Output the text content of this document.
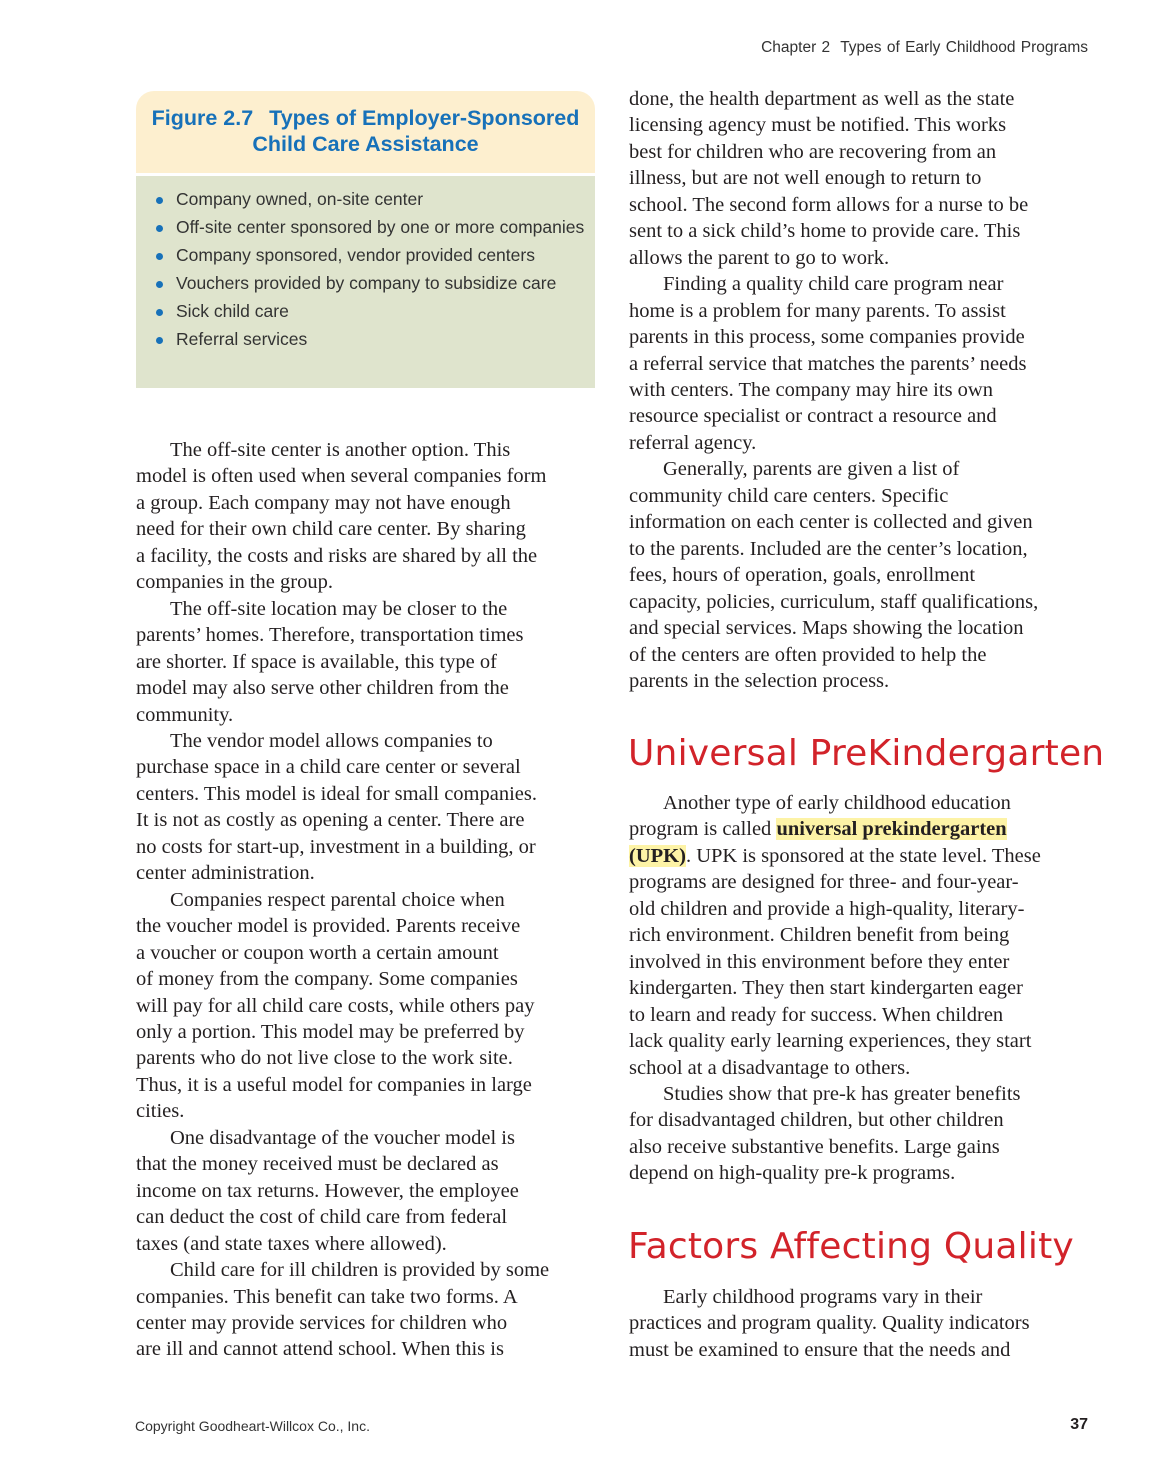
Chapter 2 Types of Early Childhood Programs
Figure 2.7 Types of Employer-Sponsored
Child Care Assistance
Company owned, on-site center
Off-site center sponsored by one or more companies
Company sponsored, vendor provided centers
Vouchers provided by company to subsidize care
Sick child care
Referral services
The off-site center is another option. This
model is often used when several companies form
a group. Each company may not have enough
need for their own child care center. By sharing
a facility, the costs and risks are shared by all the
companies in the group.
The off-site location may be closer to the
parents’ homes. Therefore, transportation times
are shorter. If space is available, this type of
model may also serve other children from the
community.
The vendor model allows companies to
purchase space in a child care center or several
centers. This model is ideal for small companies.
It is not as costly as opening a center. There are
no costs for start-up, investment in a building, or
center administration.
Companies respect parental choice when
the voucher model is provided. Parents receive
a voucher or coupon worth a certain amount
of money from the company. Some companies
will pay for all child care costs, while others pay
only a portion. This model may be preferred by
parents who do not live close to the work site.
Thus, it is a useful model for companies in large
cities.
One disadvantage of the voucher model is
that the money received must be declared as
income on tax returns. However, the employee
can deduct the cost of child care from federal
taxes (and state taxes where allowed).
Child care for ill children is provided by some
companies. This benefit can take two forms. A
center may provide services for children who
are ill and cannot attend school. When this is
done, the health department as well as the state
licensing agency must be notified. This works
best for children who are recovering from an
illness, but are not well enough to return to
school. The second form allows for a nurse to be
sent to a sick child’s home to provide care. This
allows the parent to go to work.
Finding a quality child care program near
home is a problem for many parents. To assist
parents in this process, some companies provide
a referral service that matches the parents’ needs
with centers. The company may hire its own
resource specialist or contract a resource and
referral agency.
Generally, parents are given a list of
community child care centers. Specific
information on each center is collected and given
to the parents. Included are the center’s location,
fees, hours of operation, goals, enrollment
capacity, policies, curriculum, staff qualifications,
and special services. Maps showing the location
of the centers are often provided to help the
parents in the selection process.
Universal PreKindergarten
Another type of early childhood education
program is called universal prekindergarten
(UPK). UPK is sponsored at the state level. These
programs are designed for three- and four-year-
old children and provide a high-quality, literary-
rich environment. Children benefit from being
involved in this environment before they enter
kindergarten. They then start kindergarten eager
to learn and ready for success. When children
lack quality early learning experiences, they start
school at a disadvantage to others.
Studies show that pre-k has greater benefits
for disadvantaged children, but other children
also receive substantive benefits. Large gains
depend on high-quality pre-k programs.
Factors Affecting Quality
Early childhood programs vary in their
practices and program quality. Quality indicators
must be examined to ensure that the needs and
Copyright Goodheart-Willcox Co., Inc.	37
